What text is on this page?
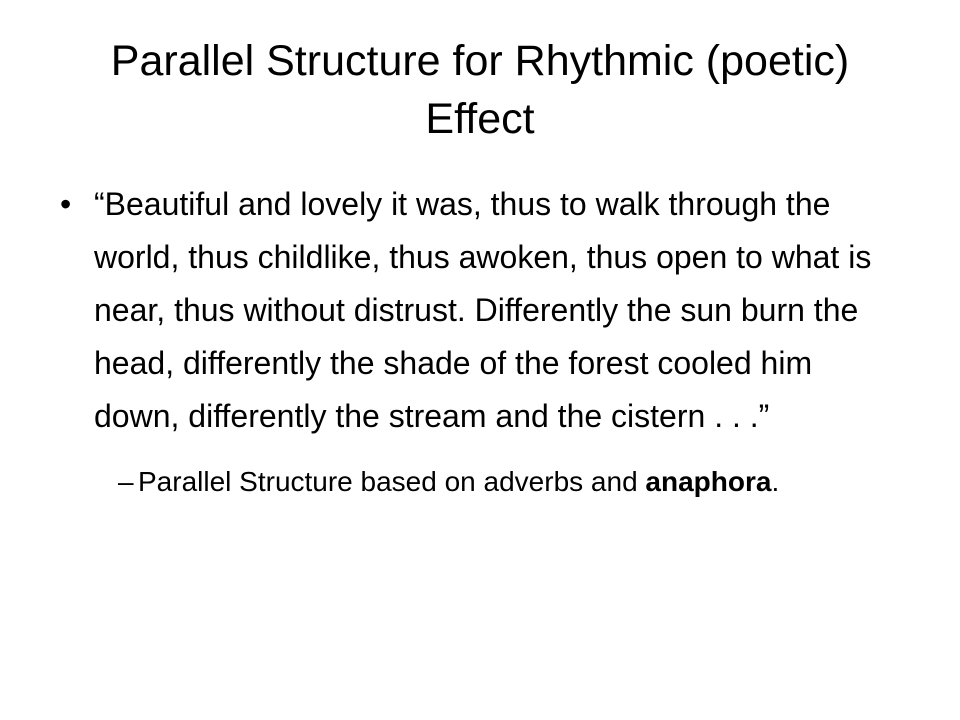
Parallel Structure for Rhythmic (poetic) Effect
• “Beautiful and lovely it was, thus to walk through the world, thus childlike, thus awoken, thus open to what is near, thus without distrust. Differently the sun burn the head, differently the shade of the forest cooled him down, differently the stream and the cistern . . .”

– Parallel Structure based on adverbs and anaphora.
